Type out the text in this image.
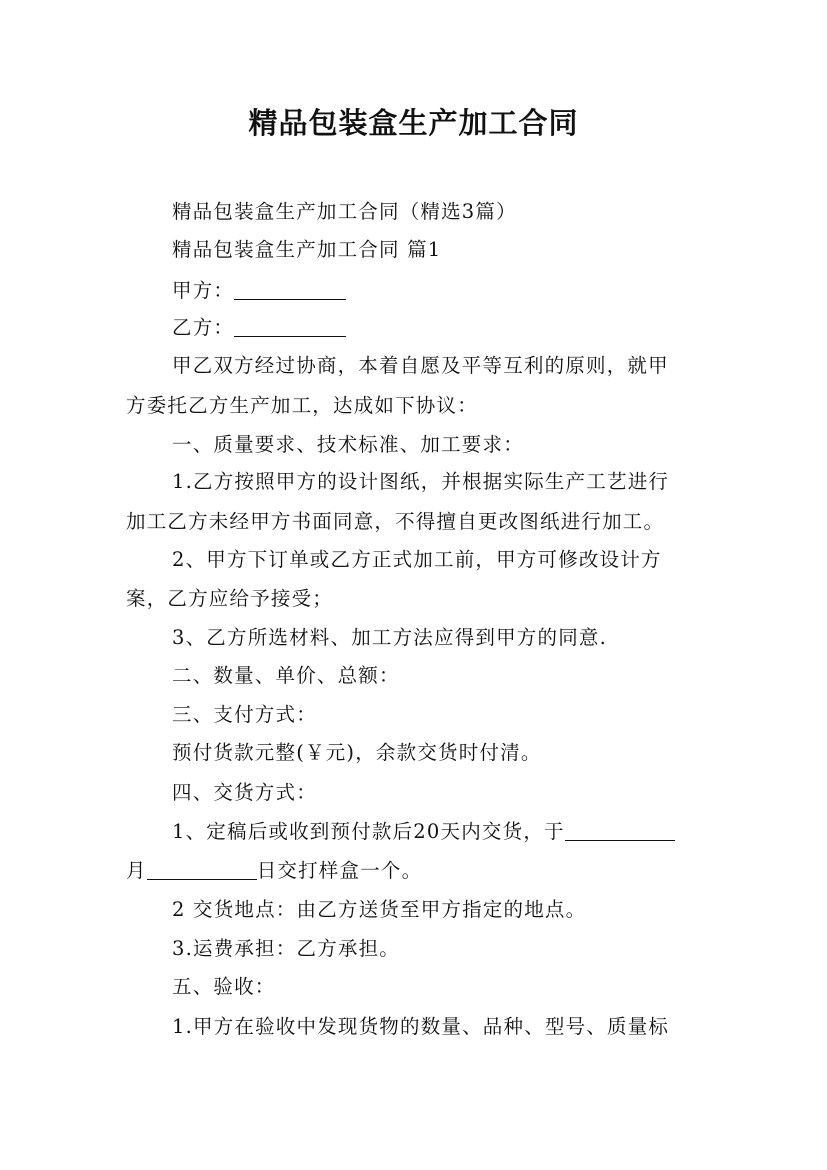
精品包装盒生产加工合同
精品包装盒生产加工合同（精选3篇）
精品包装盒生产加工合同 篇1
甲方：
乙方：
甲乙双方经过协商，本着自愿及平等互利的原则，就甲
方委托乙方生产加工，达成如下协议：
一、质量要求、技术标准、加工要求：
1.乙方按照甲方的设计图纸，并根据实际生产工艺进行
加工乙方未经甲方书面同意，不得擅自更改图纸进行加工。
2、甲方下订单或乙方正式加工前，甲方可修改设计方
案，乙方应给予接受；
3、乙方所选材料、加工方法应得到甲方的同意.
二、数量、单价、总额：
三、支付方式：
预付货款元整(￥元)，余款交货时付清。
四、交货方式：
1、定稿后或收到预付款后20天内交货，于
月	日交打样盒一个。
2 交货地点：由乙方送货至甲方指定的地点。
3.运费承担：乙方承担。
五、验收：
1.甲方在验收中发现货物的数量、品种、型号、质量标
